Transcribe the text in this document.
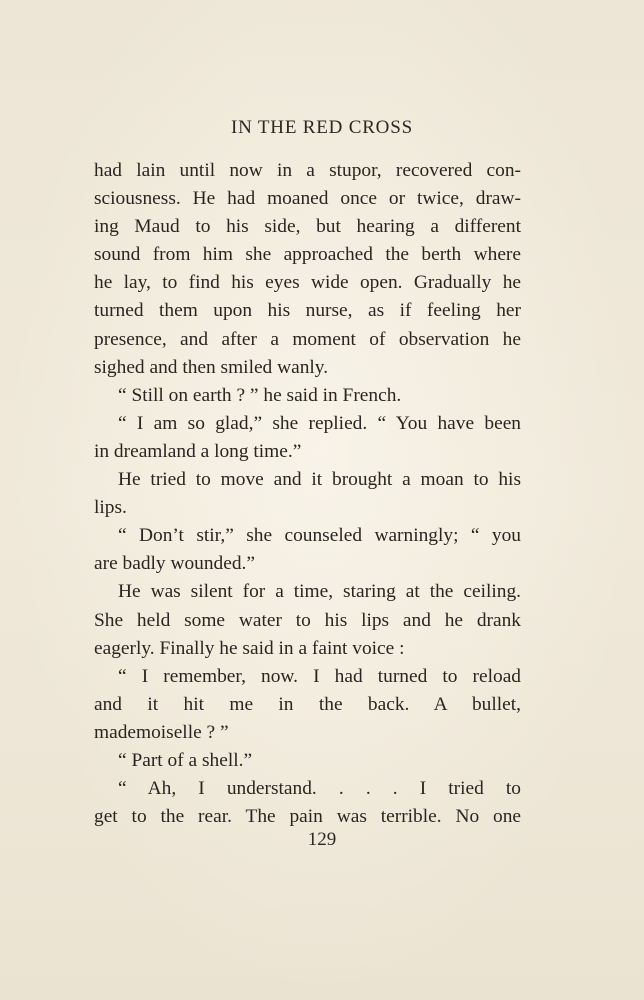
IN THE RED CROSS
had lain until now in a stupor, recovered con-
sciousness. He had moaned once or twice, draw-
ing Maud to his side, but hearing a different
sound from him she approached the berth where
he lay, to find his eyes wide open. Gradually he
turned them upon his nurse, as if feeling her
presence, and after a moment of observation he
sighed and then smiled wanly.
“ Still on earth ? ” he said in French.
“ I am so glad,” she replied. “ You have been
in dreamland a long time.”
He tried to move and it brought a moan to his
lips.
“ Don’t stir,” she counseled warningly; “ you
are badly wounded.”
He was silent for a time, staring at the ceiling.
She held some water to his lips and he drank
eagerly. Finally he said in a faint voice :
“ I remember, now. I had turned to reload
and it hit me in the back. A bullet,
mademoiselle ? ”
“ Part of a shell.”
“ Ah, I understand. . . . I tried to
get to the rear. The pain was terrible. No one
129
